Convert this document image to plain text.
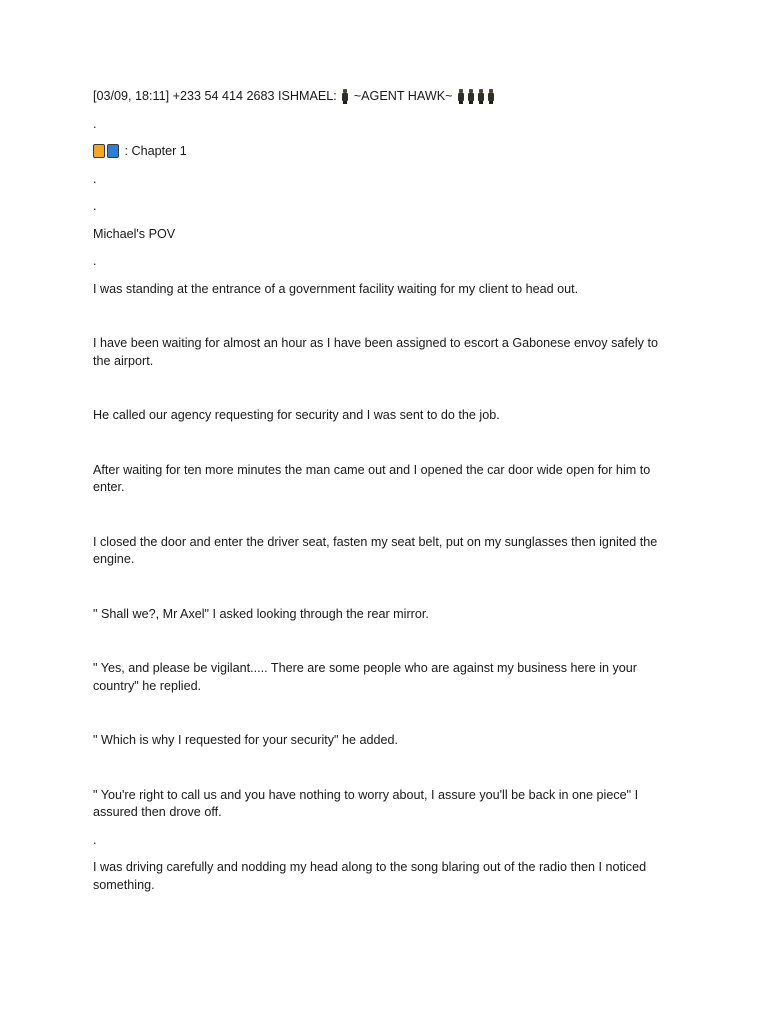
[03/09, 18:11] +233 54 414 2683 ISHMAEL:

~AGENT HAWK~

.

: Chapter 1

.

.

Michael's POV

.

I was standing at the entrance of a government facility waiting for my client to head out.

I have been waiting for almost an hour as I have been assigned to escort a Gabonese envoy safely to the airport.

He called our agency requesting for security and I was sent to do the job.

After waiting for ten more minutes the man came out and I opened the car door wide open for him to enter.

I closed the door and enter the driver seat, fasten my seat belt, put on my sunglasses then ignited the engine.

" Shall we?, Mr Axel" I asked looking through the rear mirror.

" Yes, and please be vigilant..... There are some people who are against my business here in your country" he replied.

" Which is why I requested for your security" he added.

" You're right to call us and you have nothing to worry about, I assure you'll be back in one piece" I assured then drove off.

.

I was driving carefully and nodding my head along to the song blaring out of the radio then I noticed something.
